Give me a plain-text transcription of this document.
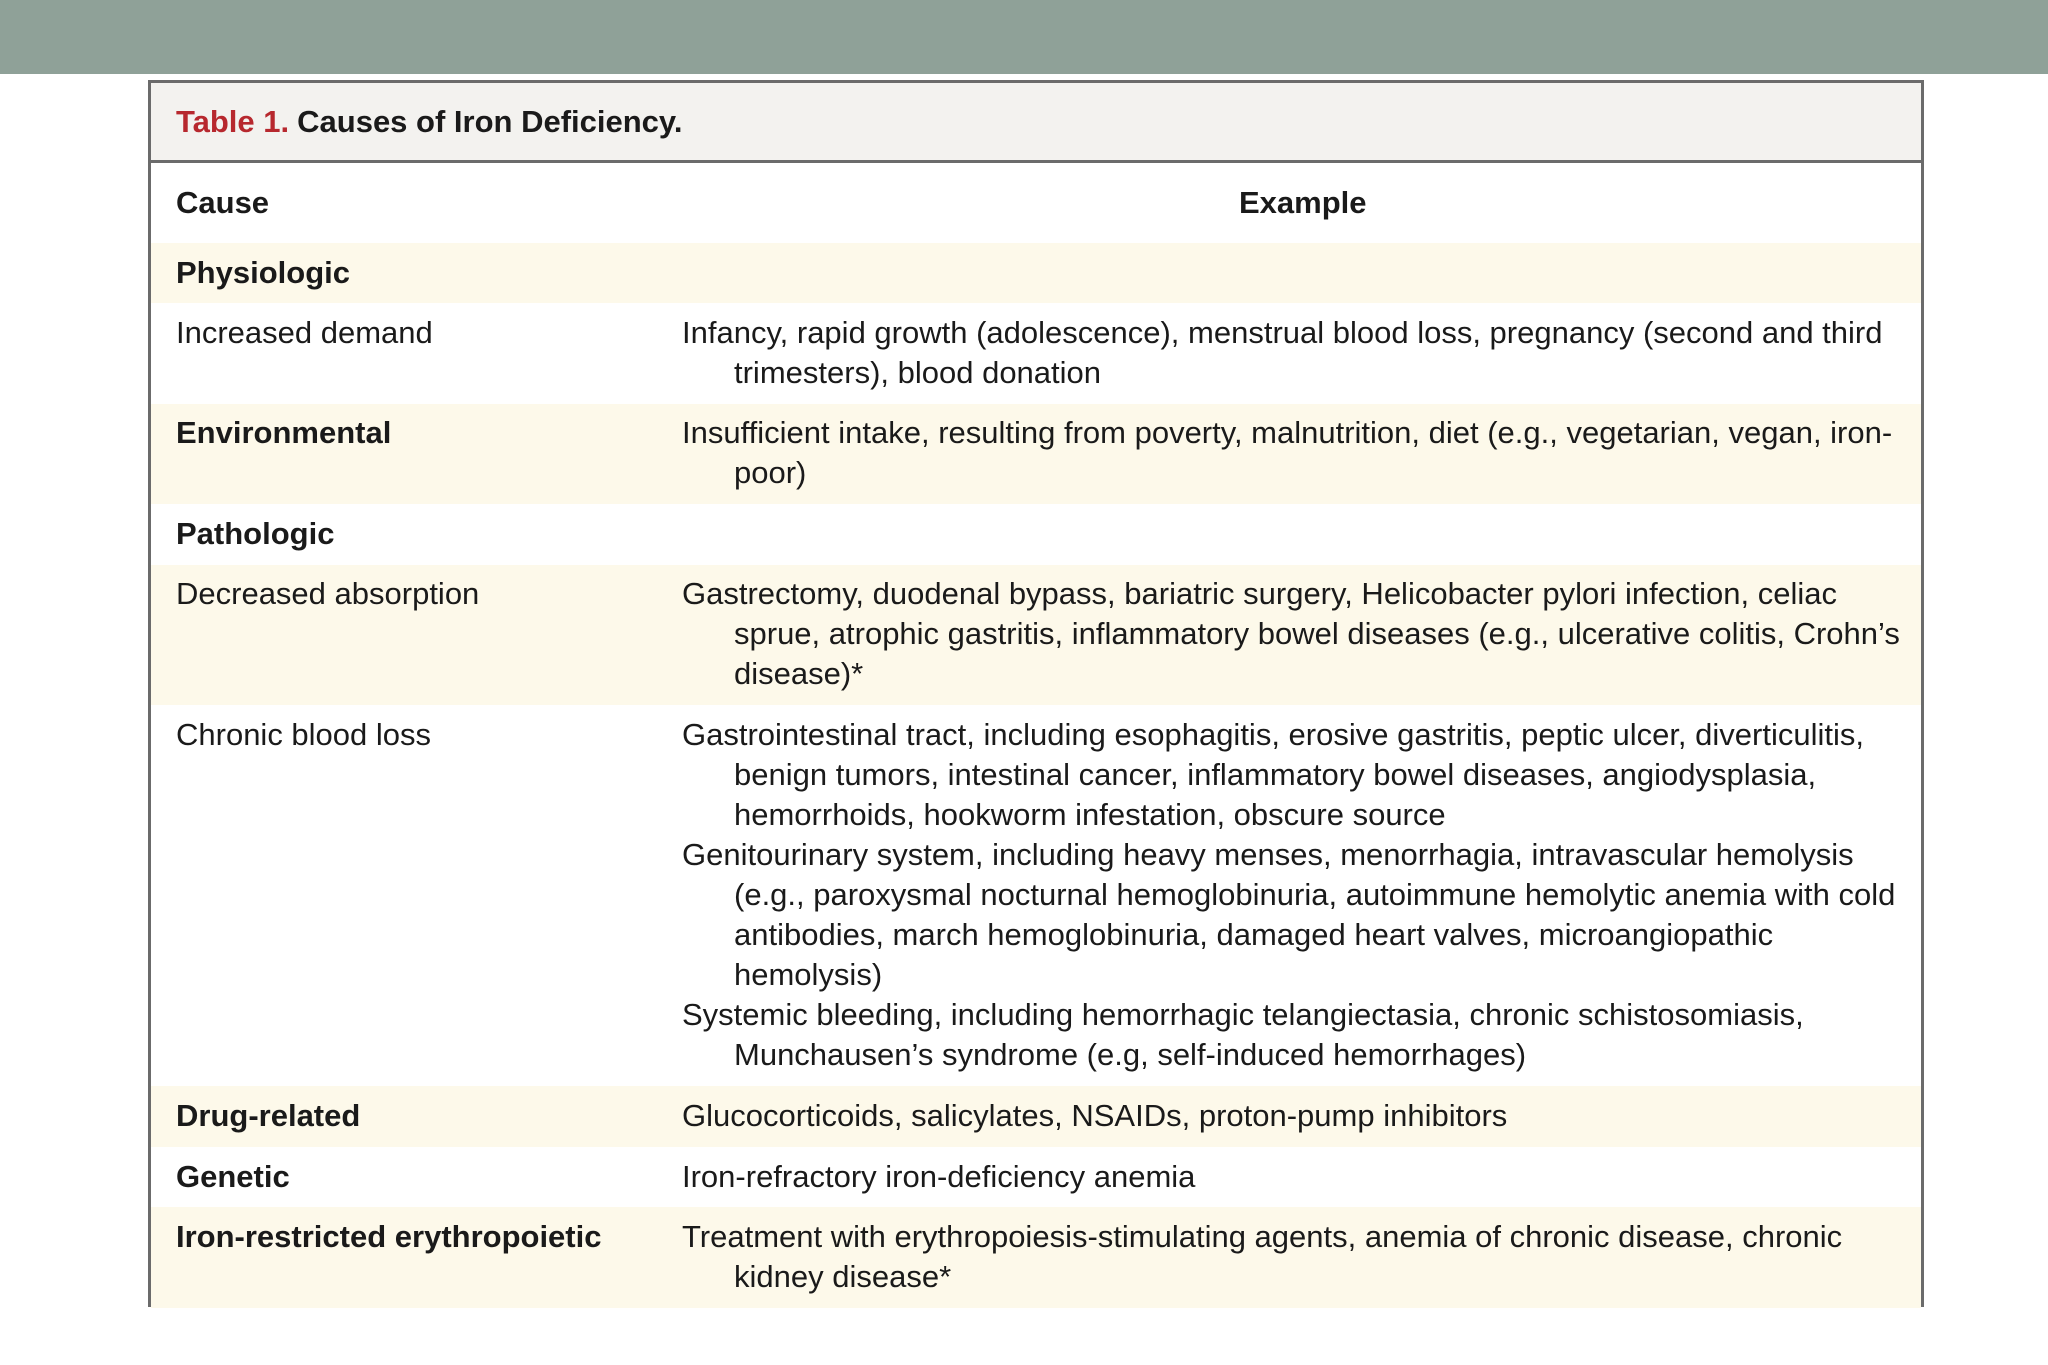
Table 1. Causes of Iron Deficiency.
Cause	Example
Physiologic
Increased demand	Infancy, rapid growth (adolescence), menstrual blood loss, pregnancy (second and third trimesters), blood donation
Environmental	Insufficient intake, resulting from poverty, malnutrition, diet (e.g., vegetarian, vegan, iron-poor)
Pathologic
Decreased absorption	Gastrectomy, duodenal bypass, bariatric surgery, Helicobacter pylori infection, celiac sprue, atrophic gastritis, inflammatory bowel diseases (e.g., ulcerative colitis, Crohn’s disease)*
Chronic blood loss	Gastrointestinal tract, including esophagitis, erosive gastritis, peptic ulcer, diverticulitis, benign tumors, intestinal cancer, inflammatory bowel diseases, angiodysplasia, hemorrhoids, hookworm infestation, obscure source
Genitourinary system, including heavy menses, menorrhagia, intravascular hemolysis (e.g., paroxysmal nocturnal hemoglobinuria, autoimmune hemolytic anemia with cold antibodies, march hemoglobinuria, damaged heart valves, microangiopathic hemolysis)
Systemic bleeding, including hemorrhagic telangiectasia, chronic schistosomiasis, Munchausen’s syndrome (e.g, self-induced hemorrhages)
Drug-related	Glucocorticoids, salicylates, NSAIDs, proton-pump inhibitors
Genetic	Iron-refractory iron-deficiency anemia
Iron-restricted erythropoietic	Treatment with erythropoiesis-stimulating agents, anemia of chronic disease, chronic kidney disease*
